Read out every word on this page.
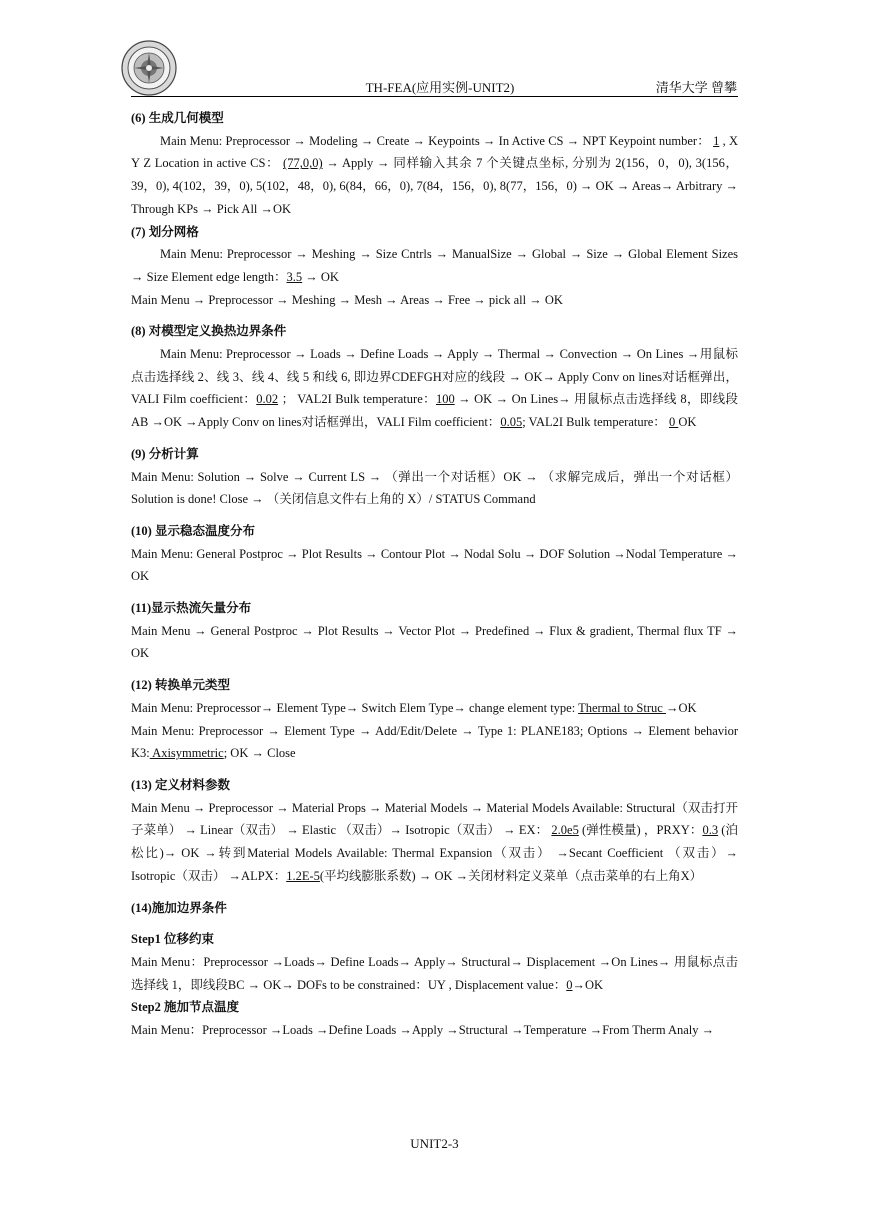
TH-FEA(应用实例-UNIT2)	清华大学 曾攀

(6) 生成几何模型

Main Menu: Preprocessor → Modeling → Create → Keypoints → In Active CS → NPT Keypoint number： 1 , X Y Z Location in active CS： (77,0,0) → Apply → 同样输入其余 7 个关键点坐标, 分别为 2(156，0，0), 3(156，39，0), 4(102，39，0), 5(102，48，0), 6(84，66，0), 7(84，156，0), 8(77，156，0) → OK → Areas→ Arbitrary → Through KPs → Pick All →OK

(7) 划分网格

Main Menu: Preprocessor → Meshing → Size Cntrls → ManualSize → Global → Size → Global Element Sizes → Size Element edge length：3.5 → OK

Main Menu → Preprocessor → Meshing → Mesh → Areas → Free → pick all → OK

(8) 对模型定义换热边界条件

Main Menu: Preprocessor → Loads → Define Loads → Apply → Thermal → Convection → On Lines →用鼠标点击选择线 2、线 3、线 4、线 5 和线 6, 即边界CDEFGH对应的线段 → OK→ Apply Conv on lines对话框弹出，VALI Film coefficient：0.02 ； VAL2I Bulk temperature：100 → OK → On Lines→ 用鼠标点击选择线 8，即线段AB →OK →Apply Conv on lines对话框弹出，VALI Film coefficient：0.05; VAL2I Bulk temperature： 0 OK

(9) 分析计算

Main Menu: Solution → Solve → Current LS → （弹出一个对话框）OK → （求解完成后，弹出一个对话框）Solution is done! Close → （关闭信息文件右上角的 X）/ STATUS Command

(10) 显示稳态温度分布

Main Menu: General Postproc → Plot Results → Contour Plot → Nodal Solu → DOF Solution →Nodal Temperature → OK

(11)显示热流矢量分布

Main Menu → General Postproc → Plot Results → Vector Plot → Predefined → Flux & gradient, Thermal flux TF → OK

(12) 转换单元类型

Main Menu: Preprocessor→ Element Type→ Switch Elem Type→ change element type: Thermal to Struc →OK

Main Menu: Preprocessor → Element Type → Add/Edit/Delete → Type 1: PLANE183; Options → Element behavior K3: Axisymmetric; OK → Close

(13) 定义材料参数

Main Menu → Preprocessor → Material Props → Material Models → Material Models Available: Structural（双击打开子菜单） → Linear（双击） → Elastic （双击）→ Isotropic（双击） → EX： 2.0e5 (弹性模量) ，PRXY：0.3 (泊松比)→ OK →转到Material Models Available: Thermal Expansion（双击） →Secant Coefficient （双击）→ Isotropic（双击） →ALPX：1.2E-5(平均线膨胀系数) → OK →关闭材料定义菜单（点击菜单的右上角X）

(14)施加边界条件

Step1 位移约束

Main Menu：Preprocessor →Loads→ Define Loads→ Apply→ Structural→ Displacement →On Lines→ 用鼠标点击选择线 1，即线段BC → OK→ DOFs to be constrained：UY , Displacement value：0→OK

Step2 施加节点温度

Main Menu：Preprocessor →Loads →Define Loads →Apply →Structural →Temperature →From Therm Analy →

UNIT2-3
